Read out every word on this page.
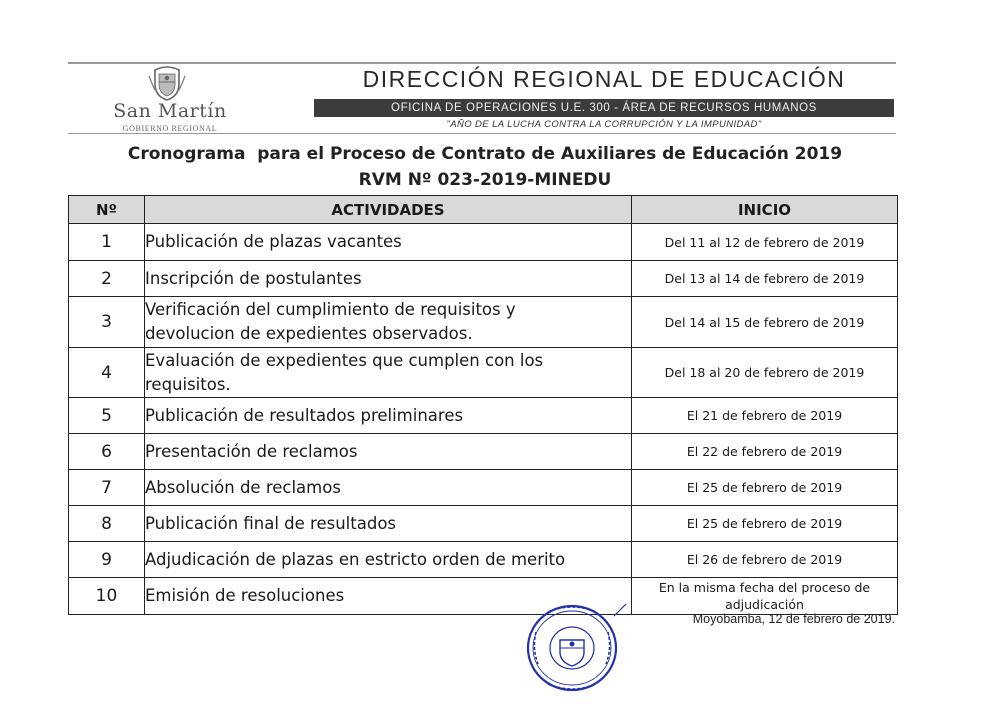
San Martín
GOBIERNO REGIONAL
DIRECCIÓN REGIONAL DE EDUCACIÓN
OFICINA DE OPERACIONES U.E. 300 - ÁREA DE RECURSOS HUMANOS
"AÑO DE LA LUCHA CONTRA LA CORRUPCIÓN Y LA IMPUNIDAD"
Cronograma  para el Proceso de Contrato de Auxiliares de Educación 2019
RVM Nº 023-2019-MINEDU
Nº	ACTIVIDADES	INICIO
1	Publicación de plazas vacantes	Del 11 al 12 de febrero de 2019
2	Inscripción de postulantes	Del 13 al 14 de febrero de 2019
3	Verificación del cumplimiento de requisitos y
devolucion de expedientes observados.	Del 14 al 15 de febrero de 2019
4	Evaluación de expedientes que cumplen con los
requisitos.	Del 18 al 20 de febrero de 2019
5	Publicación de resultados preliminares	El 21 de febrero de 2019
6	Presentación de reclamos	El 22 de febrero de 2019
7	Absolución de reclamos	El 25 de febrero de 2019
8	Publicación final de resultados	El 25 de febrero de 2019
9	Adjudicación de plazas en estricto orden de merito	El 26 de febrero de 2019
10	Emisión de resoluciones	En la misma fecha del proceso de
adjudicación
Moyobamba, 12 de febrero de 2019.
